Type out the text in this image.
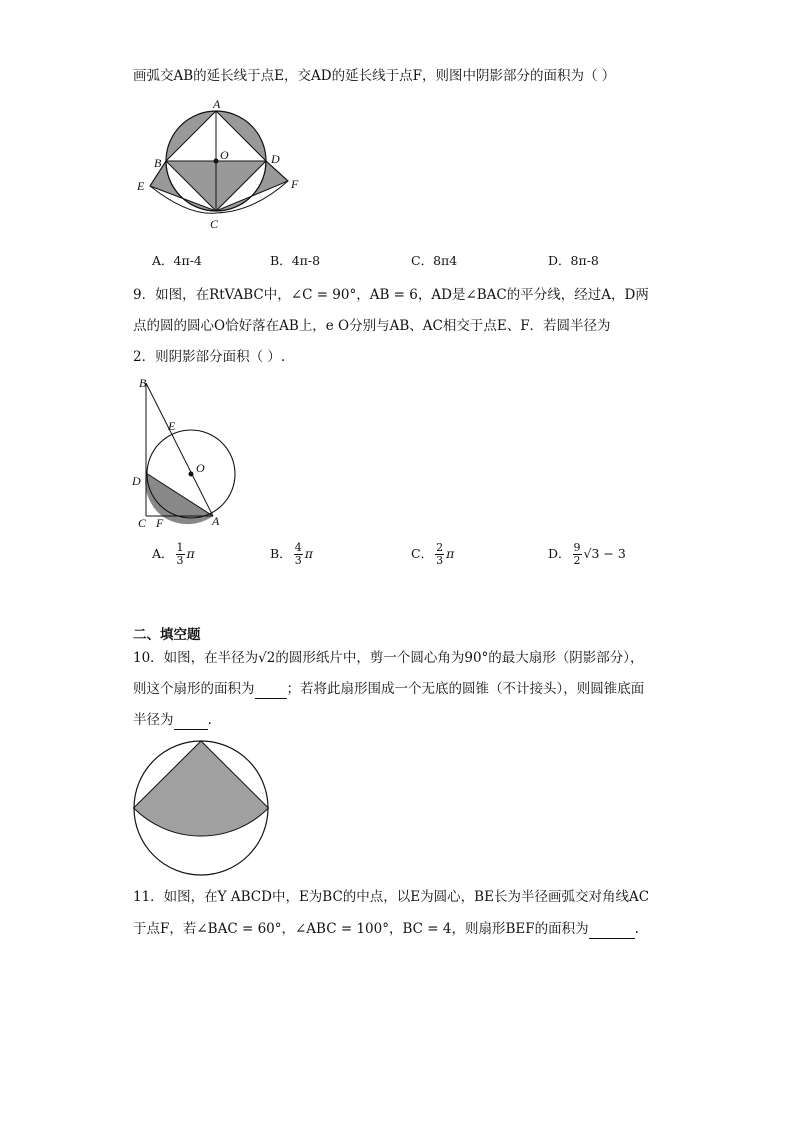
画弧交AB的延长线于点E，交AD的延长线于点F，则图中阴影部分的面积为（ ）
A
B
O	D
E	F
C
A．4π-4	B．4π-8	C．8π4	D．8π-8
9．如图，在RtVABC中，∠C = 90°，AB = 6，AD是∠BAC的平分线，经过A，D两
点的圆的圆心O恰好落在AB上，e O分别与AB、AC相交于点E、F．若圆半径为
2．则阴影部分面积（ ）.
B
E
O
D
C F	A
A． $\frac{1}{3}$ π	B． $\frac{4}{3}$ π	C． $\frac{2}{3}$ π	D． $\frac{9}{2} √3 - 3$
二、填空题
10．如图，在半径为√2的圆形纸片中，剪一个圆心角为90°的最大扇形（阴影部分），
则这个扇形的面积为 ；若将此扇形围成一个无底的圆锥（不计接头），则圆锥底面
半径为	.
11．如图，在Y ABCD中，E为BC的中点，以E为圆心，BE长为半径画弧交对角线AC
于点F，若∠BAC = 60°，∠ABC = 100°，BC = 4，则扇形BEF的面积为	.
